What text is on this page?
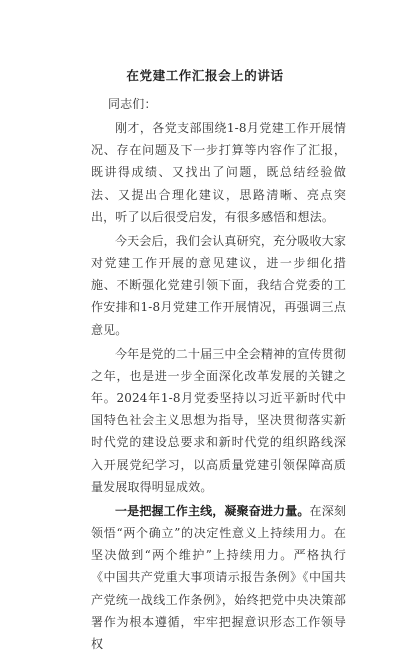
在党建工作汇报会上的讲话

同志们：

刚才，各党支部围绕1-8月党建工作开展情况、存在问题及下一步打算等内容作了汇报，既讲得成绩、又找出了问题，既总结经验做法、又提出合理化建议，思路清晰、亮点突出，听了以后很受启发，有很多感悟和想法。

今天会后，我们会认真研究，充分吸收大家对党建工作开展的意见建议，进一步细化措施、不断强化党建引领下面，我结合党委的工作安排和1-8月党建工作开展情况，再强调三点意见。

今年是党的二十届三中全会精神的宣传贯彻之年，也是进一步全面深化改革发展的关键之年。2024年1-8月党委坚持以习近平新时代中国特色社会主义思想为指导，坚决贯彻落实新时代党的建设总要求和新时代党的组织路线深入开展党纪学习，以高质量党建引领保障高质量发展取得明显成效。

一是把握工作主线，凝聚奋进力量。在深刻领悟“两个确立”的决定性意义上持续用力。在坚决做到“两个维护”上持续用力。严格执行《中国共产党重大事项请示报告条例》《中国共产党统一战线工作条例》，始终把党中央决策部署作为根本遵循，牢牢把握意识形态工作领导权
